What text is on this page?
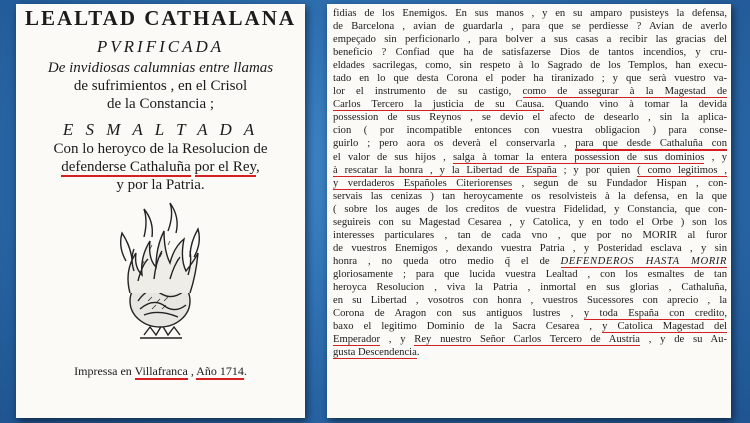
LEALTAD CATHALANA
PVRIFICADA
De invidiosas calumnias entre llamas
de sufrimientos , en el Crisol
de la Constancia ;
E S M A L T A D A
Con lo heroyco de la Resolucion de
defenderse Cathaluña por el Rey,
y por la Patria.
Impressa en Villafranca , Año 1714.
fidias de los Enemigos. En sus manos , y en su amparo pusisteys la defensa,
de Barcelona , avian de guardarla , para que se perdiesse ? Avian de averlo
empeçado sin perficionarlo , para bolver a sus casas a recibir las gracias del
beneficio ? Confiad que ha de satisfazerse Dios de tantos incendios, y cru-
eldades sacrilegas, como, sin respeto à lo Sagrado de los Templos, han execu-
tado en lo que desta Corona el poder ha tiranizado ; y que serà vuestro va-
lor el instrumento de su castigo, como de assegurar à la Magestad de
Carlos Tercero la justicia de su Causa. Quando vino à tomar la devida
possession de sus Reynos , se devio el afecto de desearlo , sin la aplica-
cion ( por incompatible entonces con vuestra obligacion ) para conse-
guirlo ; pero aora os deverà el conservarla , para que desde Cathaluña con
el valor de sus hijos , salga à tomar la entera possession de sus dominios , y
à rescatar la honra , y la Libertad de España ; y por quien ( como legitimos ,
y verdaderos Españoles Citeriorenses , segun de su Fundador Hispan , con-
servais las cenizas ) tan heroycamente os resolvisteis à la defensa, en la que
( sobre los auges de los creditos de vuestra Fidelidad, y Constancia, que con-
seguireis con su Magestad Cesarea , y Catolica, y en todo el Orbe ) son los
interesses particulares , tan de cada vno , que por no MORIR al furor
de vuestros Enemigos , dexando vuestra Patria , y Posteridad esclava , y sin
honra , no queda otro medio q̃ el de DEFENDEROS HASTA MORIR
gloriosamente ; para que lucida vuestra Lealtad , con los esmaltes de tan
heroyca Resolucion , viva la Patria , inmortal en sus glorias , Cathaluña,
en su Libertad , vosotros con honra , vuestros Sucessores con aprecio , la
Corona de Aragon con sus antiguos lustres , y toda España con credito,
baxo el legitimo Dominio de la Sacra Cesarea , y Catolica Magestad del
Emperador , y Rey nuestro Señor Carlos Tercero de Austria , y de su Au-
gusta Descendencia.
